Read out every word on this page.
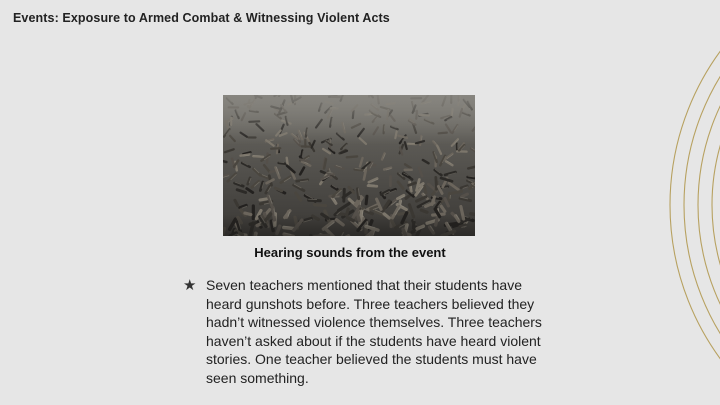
Events: Exposure to Armed Combat & Witnessing Violent Acts
Hearing sounds from the event
★ Seven teachers mentioned that their students have heard gunshots before. Three teachers believed they hadn’t witnessed violence themselves. Three teachers haven’t asked about if the students have heard violent stories. One teacher believed the students must have seen something.
